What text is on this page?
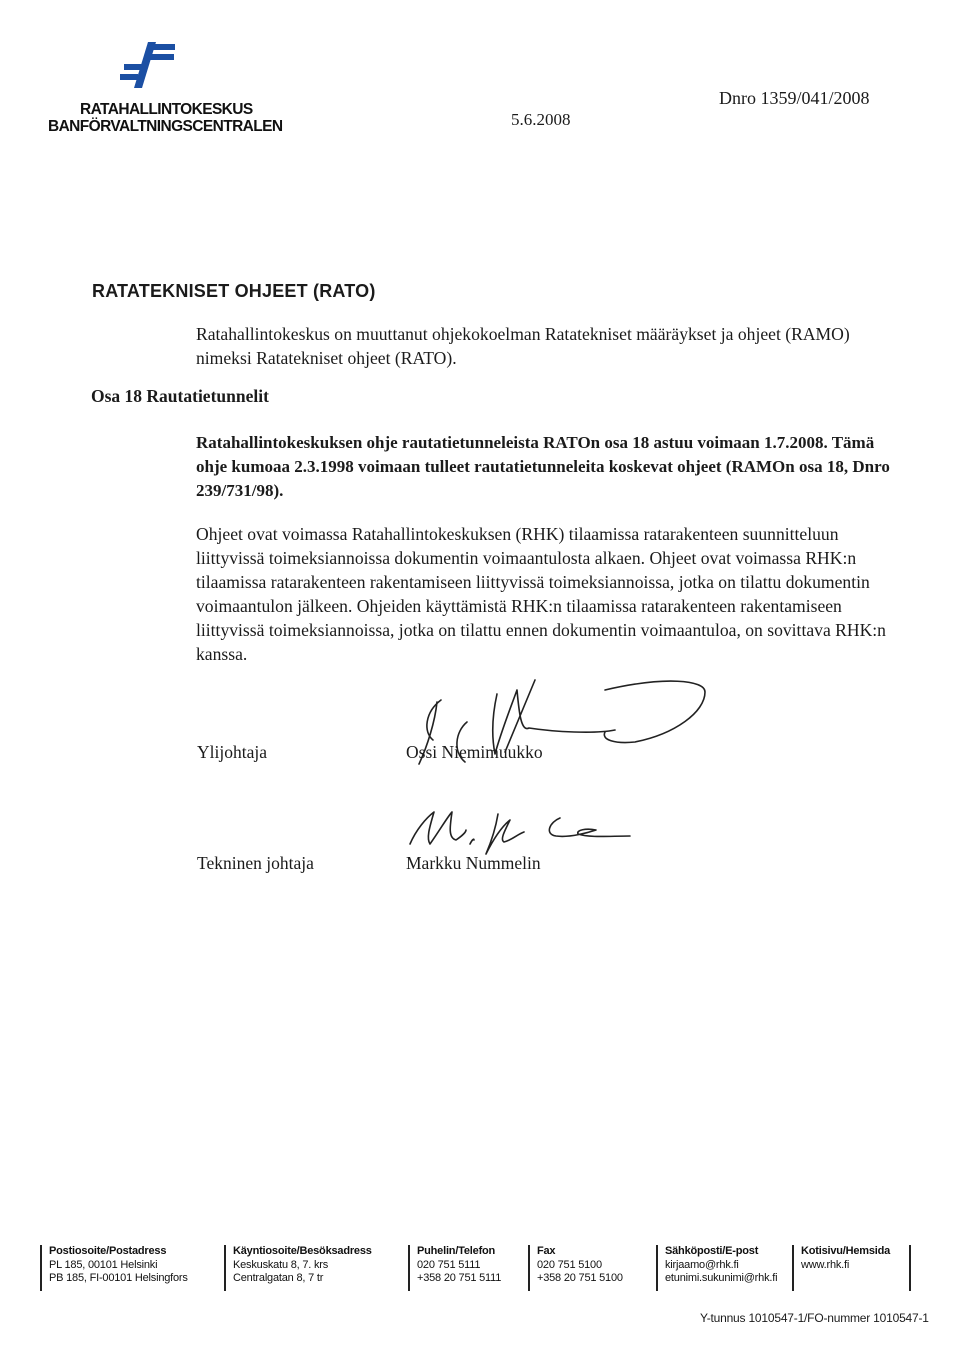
RATAHALLINTOKESKUS
BANFÖRVALTNINGSCENTRALEN	5.6.2008
Dnro 1359/041/2008
RATATEKNISET OHJEET (RATO)
Ratahallintokeskus on muuttanut ohjekokoelman Ratatekniset määräykset ja ohjeet (RAMO) nimeksi Ratatekniset ohjeet (RATO).
Osa 18 Rautatietunnelit
Ratahallintokeskuksen ohje rautatietunneleista RATOn osa 18 astuu voimaan 1.7.2008. Tämä ohje kumoaa 2.3.1998 voimaan tulleet rautatietunneleita koskevat ohjeet (RAMOn osa 18, Dnro 239/731/98).
Ohjeet ovat voimassa Ratahallintokeskuksen (RHK) tilaamissa ratarakenteen suunnitteluun liittyvissä toimeksiannoissa dokumentin voimaantulosta alkaen. Ohjeet ovat voimassa RHK:n tilaamissa ratarakenteen rakentamiseen liittyvissä toimeksiannoissa, jotka on tilattu dokumentin voimaantulon jälkeen. Ohjeiden käyttämistä RHK:n tilaamissa ratarakenteen rakentamiseen liittyvissä toimeksiannoissa, jotka on tilattu ennen dokumentin voimaantuloa, on sovittava RHK:n kanssa.
Ylijohtaja	Ossi Niemimuukko
Tekninen johtaja	Markku Nummelin
Postiosoite/Postadress
PL 185, 00101 Helsinki
PB 185, FI-00101 Helsingfors
Käyntiosoite/Besöksadress
Keskuskatu 8, 7. krs
Centralgatan 8, 7 tr
Puhelin/Telefon
020 751 5111
+358 20 751 5111
Fax
020 751 5100
+358 20 751 5100
Sähköposti/E-post
kirjaamo@rhk.fi
etunimi.sukunimi@rhk.fi
Kotisivu/Hemsida
www.rhk.fi
Y-tunnus 1010547-1/FO-nummer 1010547-1
